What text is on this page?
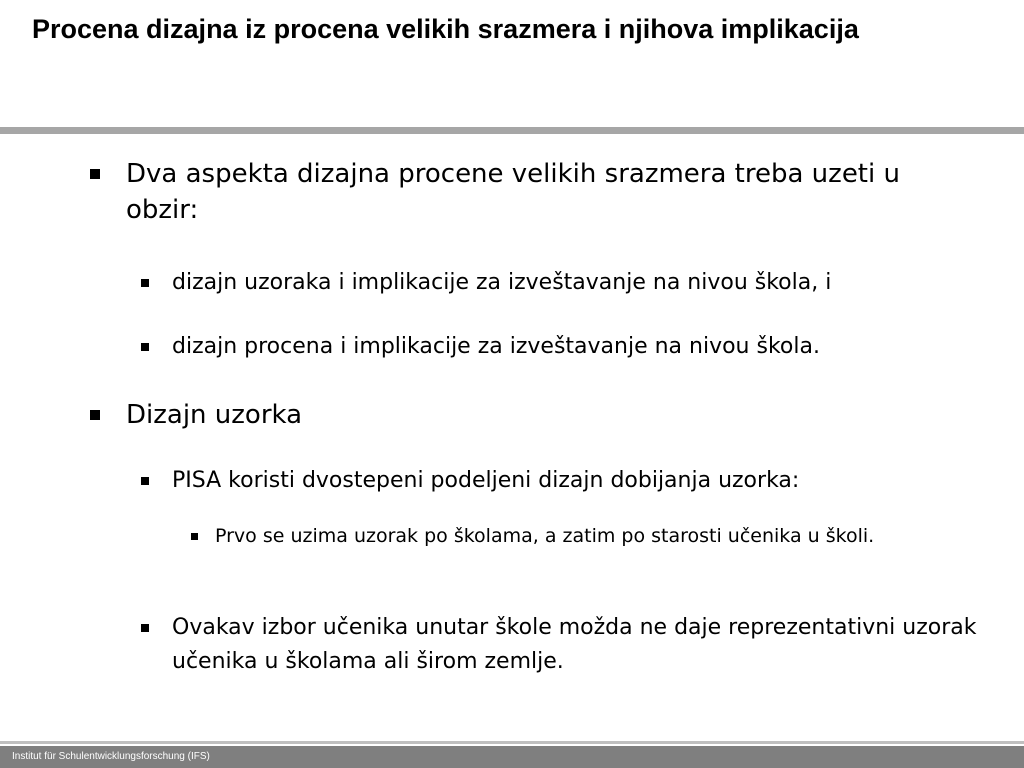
Procena dizajna iz procena velikih srazmera i njihova implikacija
Dva aspekta dizajna procene velikih srazmera treba uzeti u obzir:
dizajn uzoraka i implikacije za izveštavanje na nivou škola, i
dizajn procena i implikacije za izveštavanje na nivou škola.
Dizajn uzorka
PISA koristi dvostepeni podeljeni dizajn dobijanja uzorka:
Prvo se uzima uzorak po školama, a zatim po starosti učenika u školi.
Ovakav izbor učenika unutar škole možda ne daje reprezentativni uzorak učenika u školama ali širom zemlje.
Institut für Schulentwicklungsforschung (IFS)
